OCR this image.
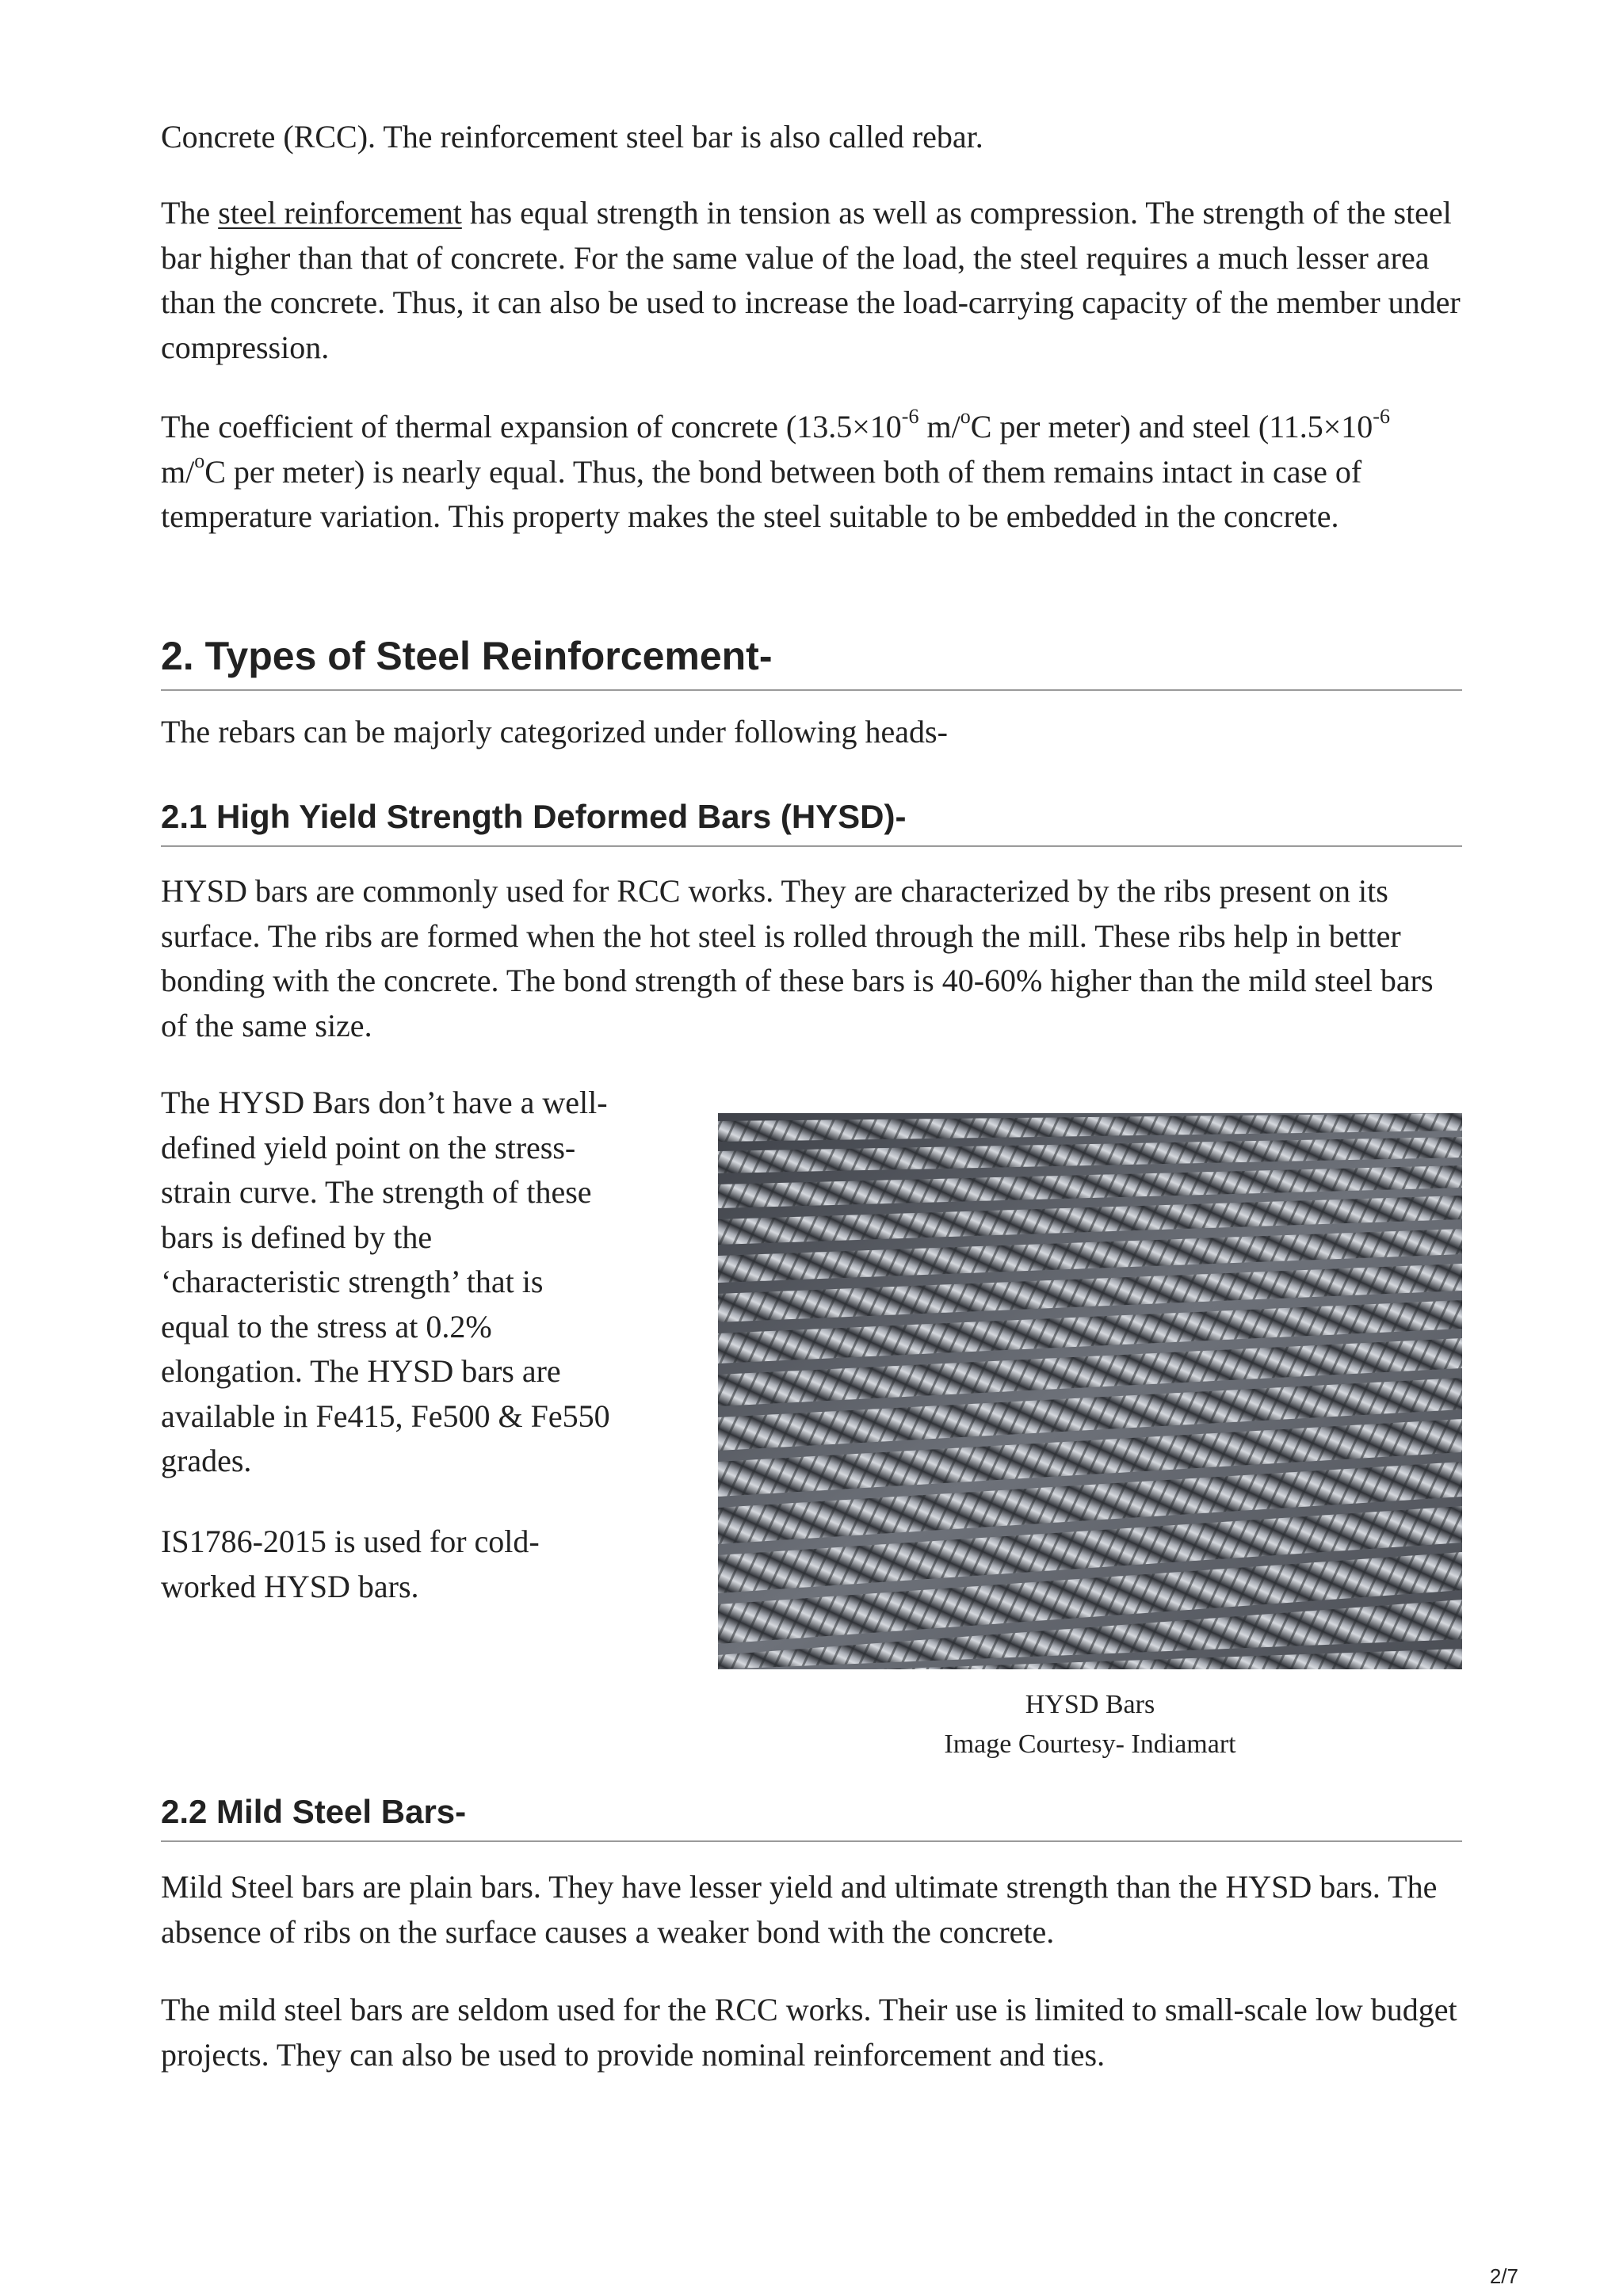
Concrete (RCC). The reinforcement steel bar is also called rebar.

The steel reinforcement has equal strength in tension as well as compression. The strength of the steel bar higher than that of concrete. For the same value of the load, the steel requires a much lesser area than the concrete. Thus, it can also be used to increase the load-carrying capacity of the member under compression.

The coefficient of thermal expansion of concrete ($13.5\times 10^{-6}$ m/$^o$C per meter) and steel ($11.5\times 10^{-6}$ m/$^o$C per meter) is nearly equal. Thus, the bond between both of them remains intact in case of temperature variation. This property makes the steel suitable to be embedded in the concrete.

2. Types of Steel Reinforcement-

The rebars can be majorly categorized under following heads-

2.1 High Yield Strength Deformed Bars (HYSD)-

HYSD bars are commonly used for RCC works. They are characterized by the ribs present on its surface. The ribs are formed when the hot steel is rolled through the mill. These ribs help in better bonding with the concrete. The bond strength of these bars is 40-60% higher than the mild steel bars of the same size.

The HYSD Bars don’t have a well-

defined yield point on the stress-

strain curve. The strength of these

bars is defined by the

‘characteristic strength’ that is

equal to the stress at 0.2%

elongation. The HYSD bars are

available in Fe415, Fe500 & Fe550

grades.

IS1786-2015 is used for cold-

worked HYSD bars.

HYSD Bars
Image Courtesy- Indiamart
2.2 Mild Steel Bars-

Mild Steel bars are plain bars. They have lesser yield and ultimate strength than the HYSD bars. The absence of ribs on the surface causes a weaker bond with the concrete.

The mild steel bars are seldom used for the RCC works. Their use is limited to small-scale low budget projects. They can also be used to provide nominal reinforcement and ties.

2/7
